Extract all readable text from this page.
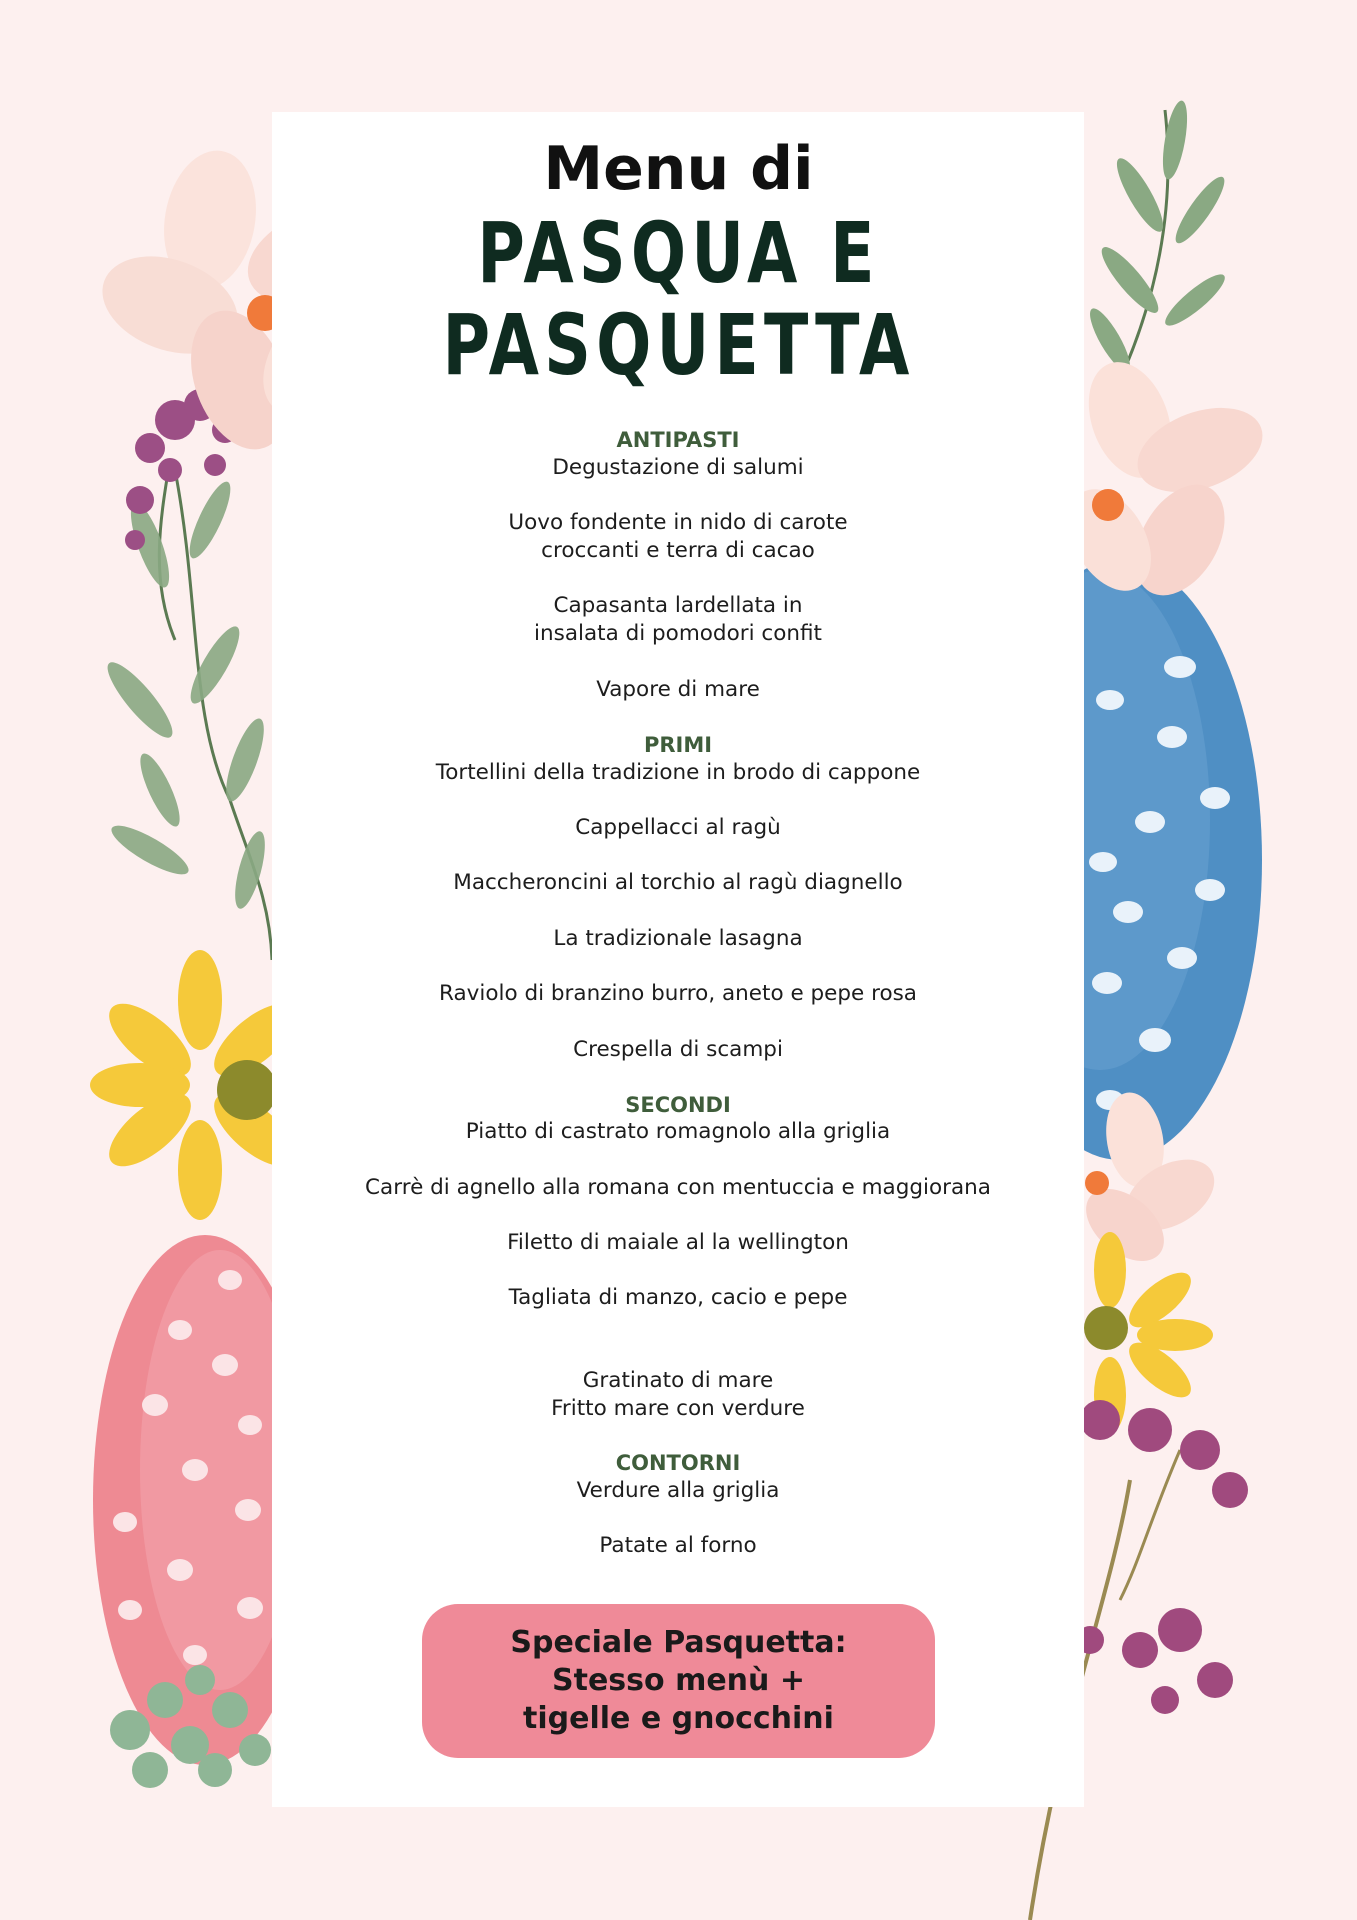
Menu di
PASQUA E
PASQUETTA
ANTIPASTI
Degustazione di salumi
Uovo fondente in nido di carote
croccanti e terra di cacao
Capasanta lardellata in
insalata di pomodori confit
Vapore di mare
PRIMI
Tortellini della tradizione in brodo di cappone
Cappellacci al ragù
Maccheroncini al torchio al ragù diagnello
La tradizionale lasagna
Raviolo di branzino burro, aneto e pepe rosa
Crespella di scampi
SECONDI
Piatto di castrato romagnolo alla griglia
Carrè di agnello alla romana con mentuccia e maggiorana
Filetto di maiale al la wellington
Tagliata di manzo, cacio e pepe
Gratinato di mare
Fritto mare con verdure
CONTORNI
Verdure alla griglia
Patate al forno
Speciale Pasquetta:
Stesso menù +
tigelle e gnocchini
